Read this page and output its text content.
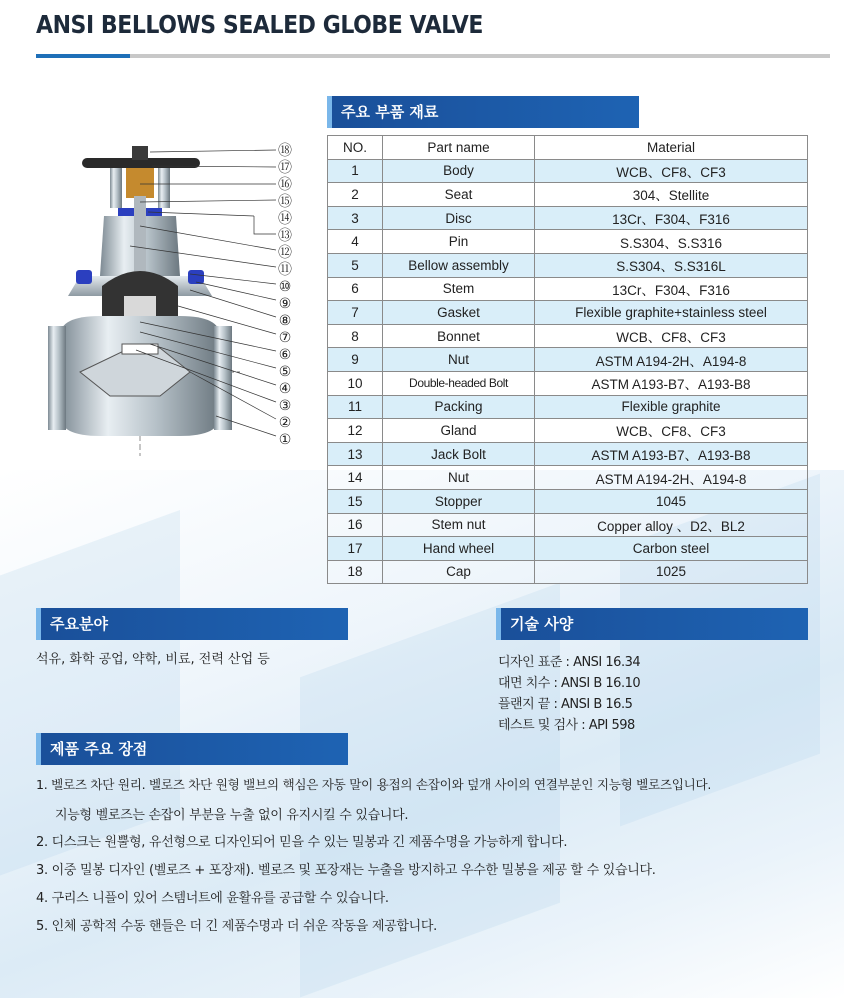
ANSI BELLOWS SEALED GLOBE VALVE
⑱
⑰
⑯
⑮
⑭
⑬
⑫
⑪
⑩
⑨
⑧
⑦
⑥
⑤
④
③
②
①
주요 부품 재료
NO.	Part name	Material
1	Body	WCB、CF8、CF3
2	Seat	304、Stellite
3	Disc	13Cr、F304、F316
4	Pin	S.S304、S.S316
5	Bellow assembly	S.S304、S.S316L
6	Stem	13Cr、F304、F316
7	Gasket	Flexible graphite+stainless steel
8	Bonnet	WCB、CF8、CF3
9	Nut	ASTM A194-2H、A194-8
10	Double-headed Bolt	ASTM A193-B7、A193-B8
11	Packing	Flexible graphite
12	Gland	WCB、CF8、CF3
13	Jack Bolt	ASTM A193-B7、A193-B8
14	Nut	ASTM A194-2H、A194-8
15	Stopper	1045
16	Stem nut	Copper alloy 、D2、BL2
17	Hand wheel	Carbon steel
18	Cap	1025
주요분야
석유, 화학 공업, 약학, 비료, 전력 산업 등
기술 사양
디자인 표준 : ANSI 16.34
대면 치수 : ANSI B 16.10
플랜지 끝 : ANSI B 16.5
테스트 및 검사 : API 598
제품 주요 장점
1. 벨로즈 차단 원리. 벨로즈 차단 원형 밸브의 핵심은 자동 말이 용접의 손잡이와 덮개 사이의 연결부분인 지능형 벨로즈입니다.
지능형 벨로즈는 손잡이 부분을 누출 없이 유지시킬 수 있습니다.
2. 디스크는 원뿔형, 유선형으로 디자인되어 믿을 수 있는 밀봉과 긴 제품수명을 가능하게 합니다.
3. 이중 밀봉 디자인 (벨로즈 + 포장재). 벨로즈 및 포장재는 누출을 방지하고 우수한 밀봉을 제공 할 수 있습니다.
4. 구리스 니플이 있어 스템너트에 윤활유를 공급할 수 있습니다.
5. 인체 공학적 수동 핸들은 더 긴 제품수명과 더 쉬운 작동을 제공합니다.
